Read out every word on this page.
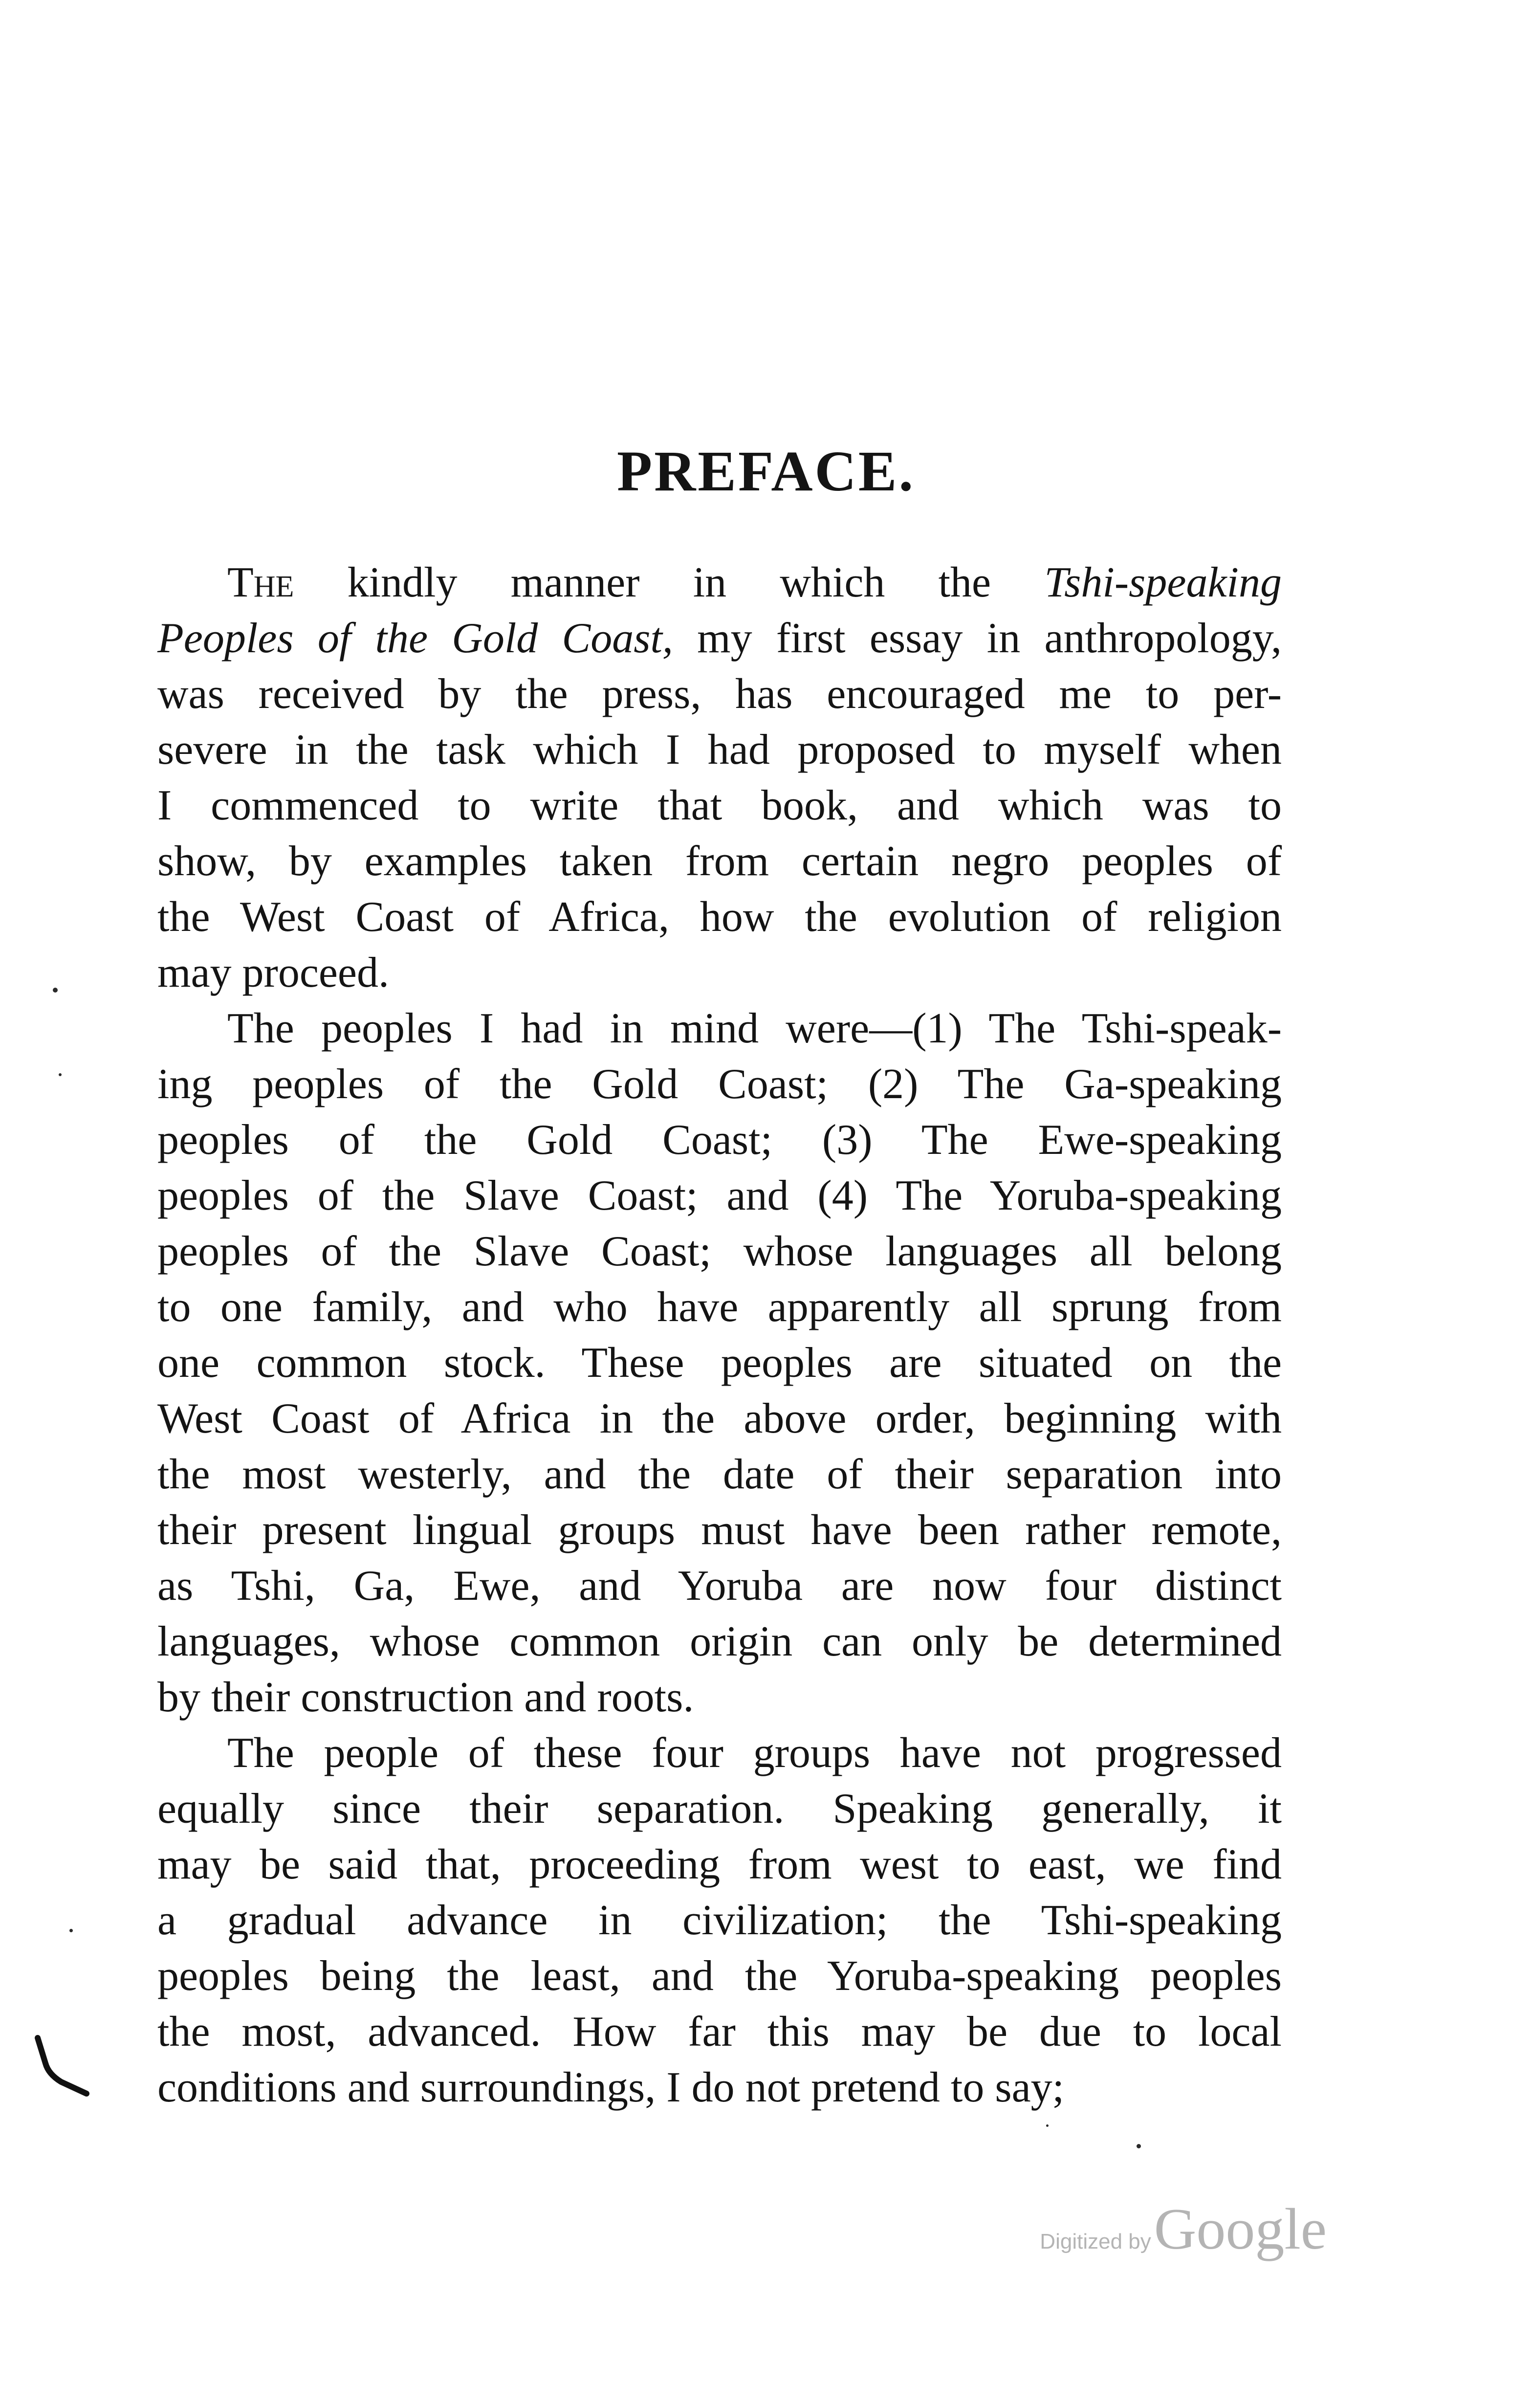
PREFACE.
The kindly manner in which the Tshi-speaking
Peoples of the Gold Coast, my first essay in anthropology,
was received by the press, has encouraged me to per-
severe in the task which I had proposed to myself when
I commenced to write that book, and which was to
show, by examples taken from certain negro peoples of
the West Coast of Africa, how the evolution of religion
may proceed.
The peoples I had in mind were—(1) The Tshi-speak-
ing peoples of the Gold Coast; (2) The Ga-speaking
peoples of the Gold Coast; (3) The Ewe-speaking
peoples of the Slave Coast; and (4) The Yoruba-speaking
peoples of the Slave Coast; whose languages all belong
to one family, and who have apparently all sprung from
one common stock. These peoples are situated on the
West Coast of Africa in the above order, beginning with
the most westerly, and the date of their separation into
their present lingual groups must have been rather remote,
as Tshi, Ga, Ewe, and Yoruba are now four distinct
languages, whose common origin can only be determined
by their construction and roots.
The people of these four groups have not progressed
equally since their separation. Speaking generally, it
may be said that, proceeding from west to east, we find
a gradual advance in civilization; the Tshi-speaking
peoples being the least, and the Yoruba-speaking peoples
the most, advanced. How far this may be due to local
conditions and surroundings, I do not pretend to say;
Digitized by Google
